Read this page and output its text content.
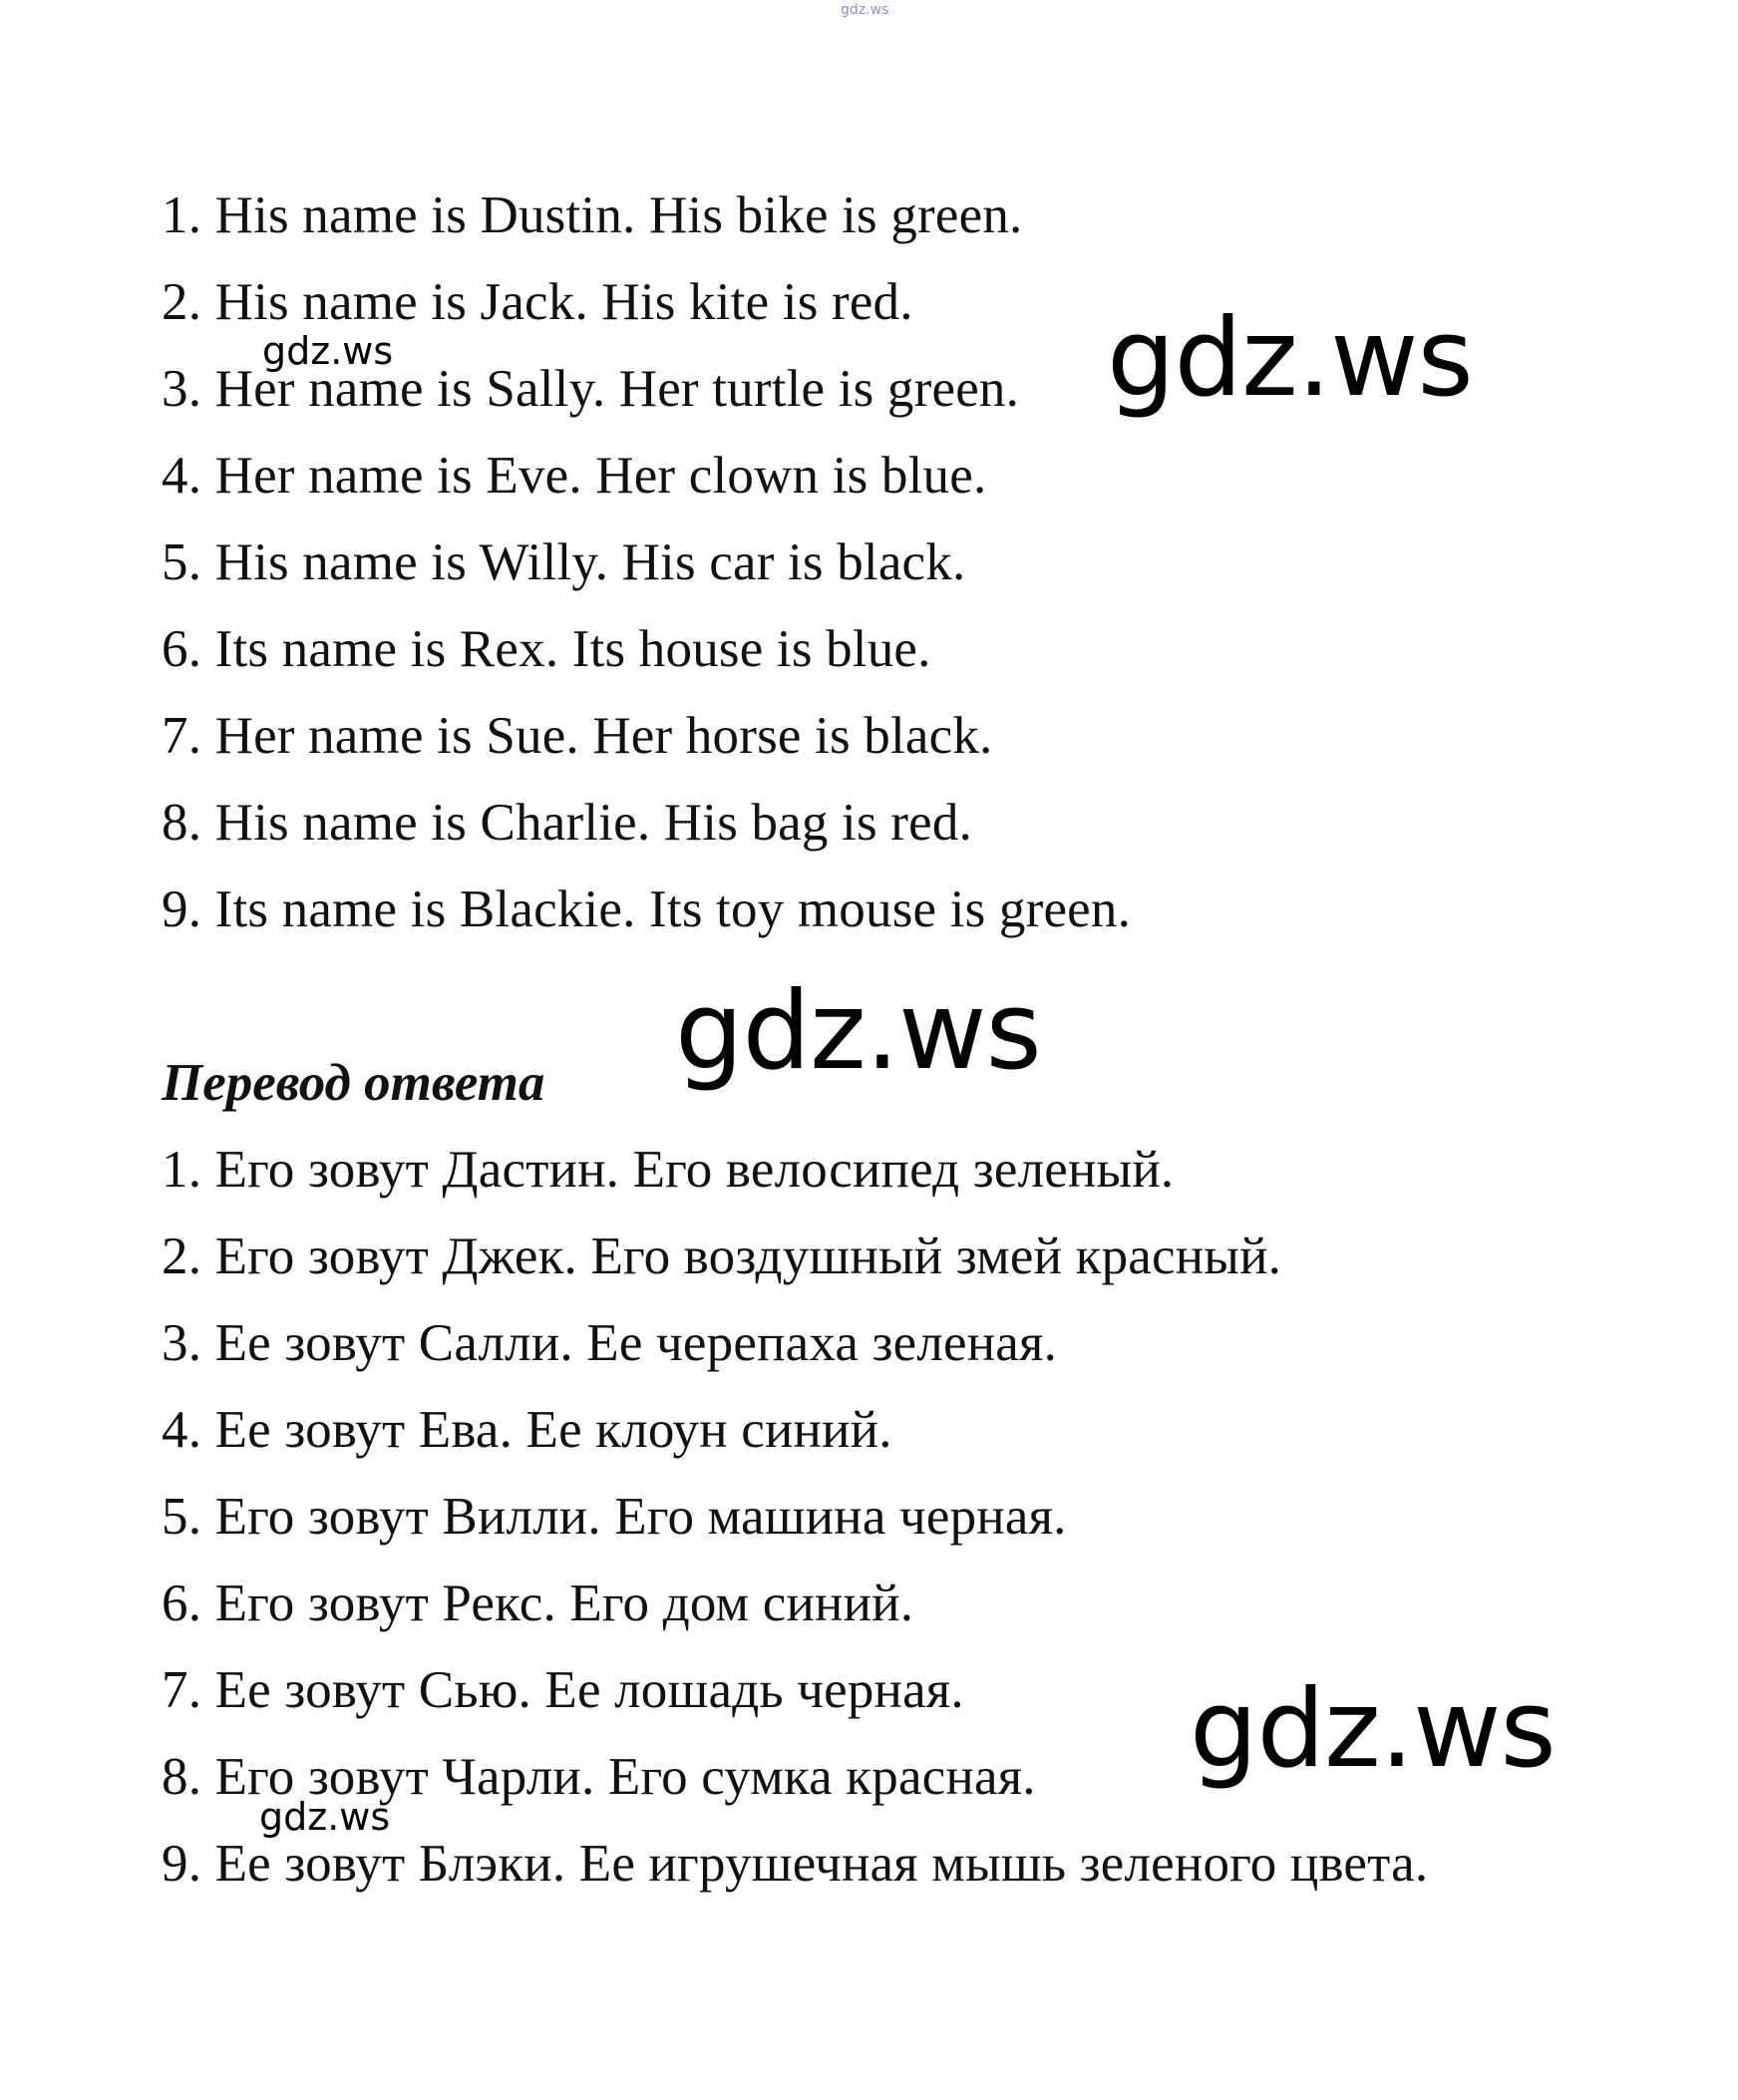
gdz.ws
1. His name is Dustin. His bike is green.
2. His name is Jack. His kite is red.
3. Her name is Sally. Her turtle is green.
4. Her name is Eve. Her clown is blue.
5. His name is Willy. His car is black.
6. Its name is Rex. Its house is blue.
7. Her name is Sue. Her horse is black.
8. His name is Charlie. His bag is red.
9. Its name is Blackie. Its toy mouse is green.
Перевод ответа
1. Его зовут Дастин. Его велосипед зеленый.
2. Его зовут Джек. Его воздушный змей красный.
3. Ее зовут Салли. Ее черепаха зеленая.
4. Ее зовут Ева. Ее клоун синий.
5. Его зовут Вилли. Его машина черная.
6. Его зовут Рекс. Его дом синий.
7. Ее зовут Сью. Ее лошадь черная.
8. Его зовут Чарли. Его сумка красная.
9. Ее зовут Блэки. Ее игрушечная мышь зеленого цвета.
gdz.ws	gdz.ws
gdz.ws
gdz.ws
gdz.ws
